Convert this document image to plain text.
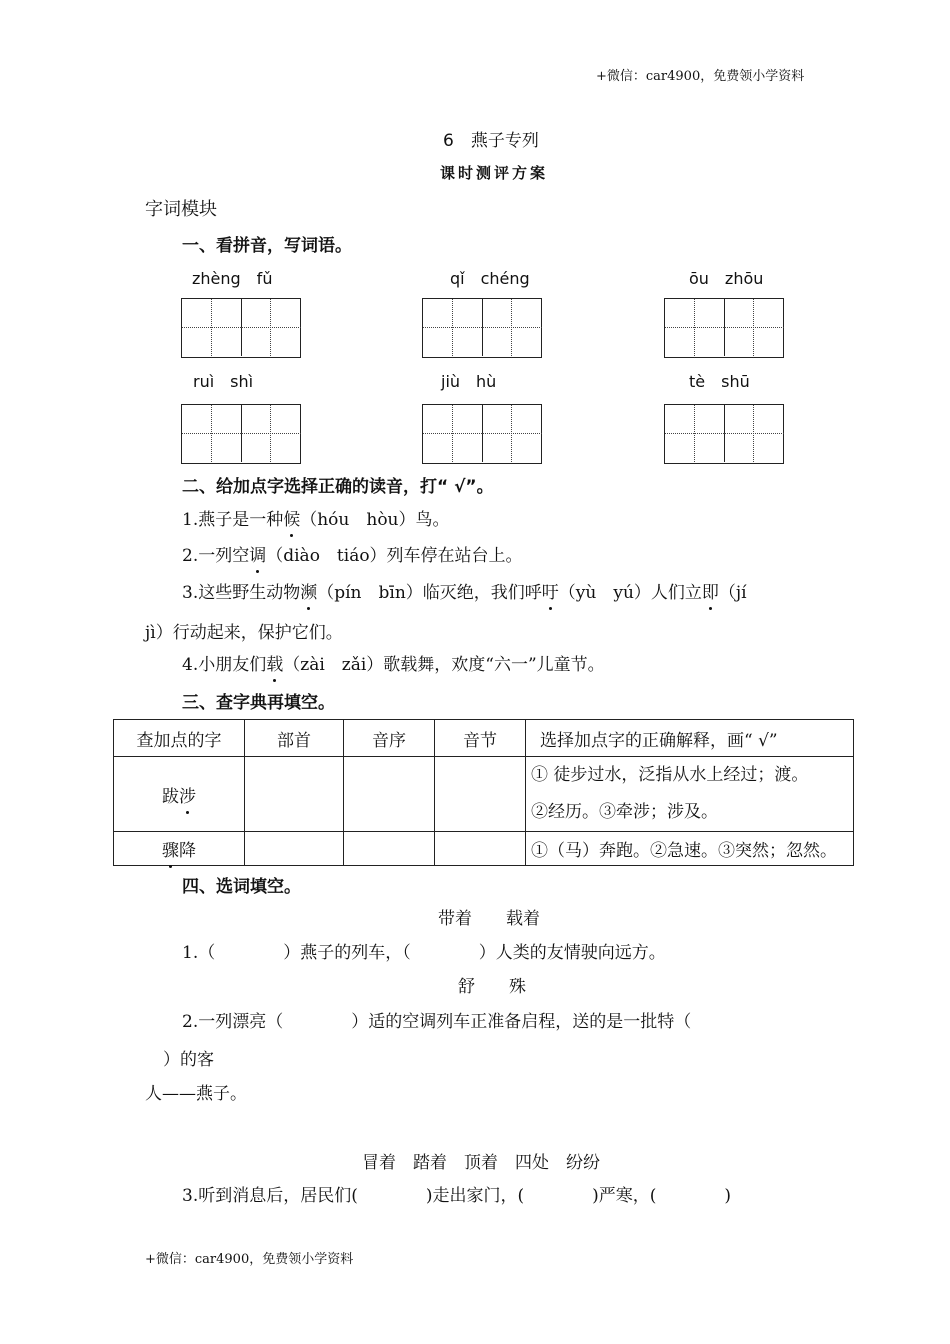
+微信：car4900，免费领小学资料
6　燕子专列
课时测评方案
字词模块
一、看拼音，写词语。
zhèng　fǔ	qǐ　chéng	ōu　zhōu
ruì　shì	jiù　hù	tè　shū
二、给加点字选择正确的读音，打“ √”。
1.燕子是一种候（hóu　hòu）鸟。
2.一列空调（diào　tiáo）列车停在站台上。
3.这些野生动物濒（pín　bīn）临灭绝，我们呼吁（yù　yú）人们立即（jí
jì）行动起来，保护它们。
4.小朋友们载（zài　zǎi）歌载舞，欢度“六一”儿童节。
三、查字典再填空。
查加点的字	部首	音序	音节	选择加点字的正确解释，画“ √”
跋涉				① 徒步过水，泛指从水上经过；渡。
②经历。③牵涉；涉及。

骤降				①（马）奔跑。②急速。③突然；忽然。
四、选词填空。
带着　　载着
1.（　　　　）燕子的列车，（　　　　）人类的友情驶向远方。
舒　　殊
2.一列漂亮（　　　　）适的空调列车正准备启程，送的是一批特（
）的客
人——燕子。
冒着　踏着　顶着　四处　纷纷
3.听到消息后，居民们(　　　　)走出家门，(　　　　)严寒，(　　　　)
+微信：car4900，免费领小学资料
